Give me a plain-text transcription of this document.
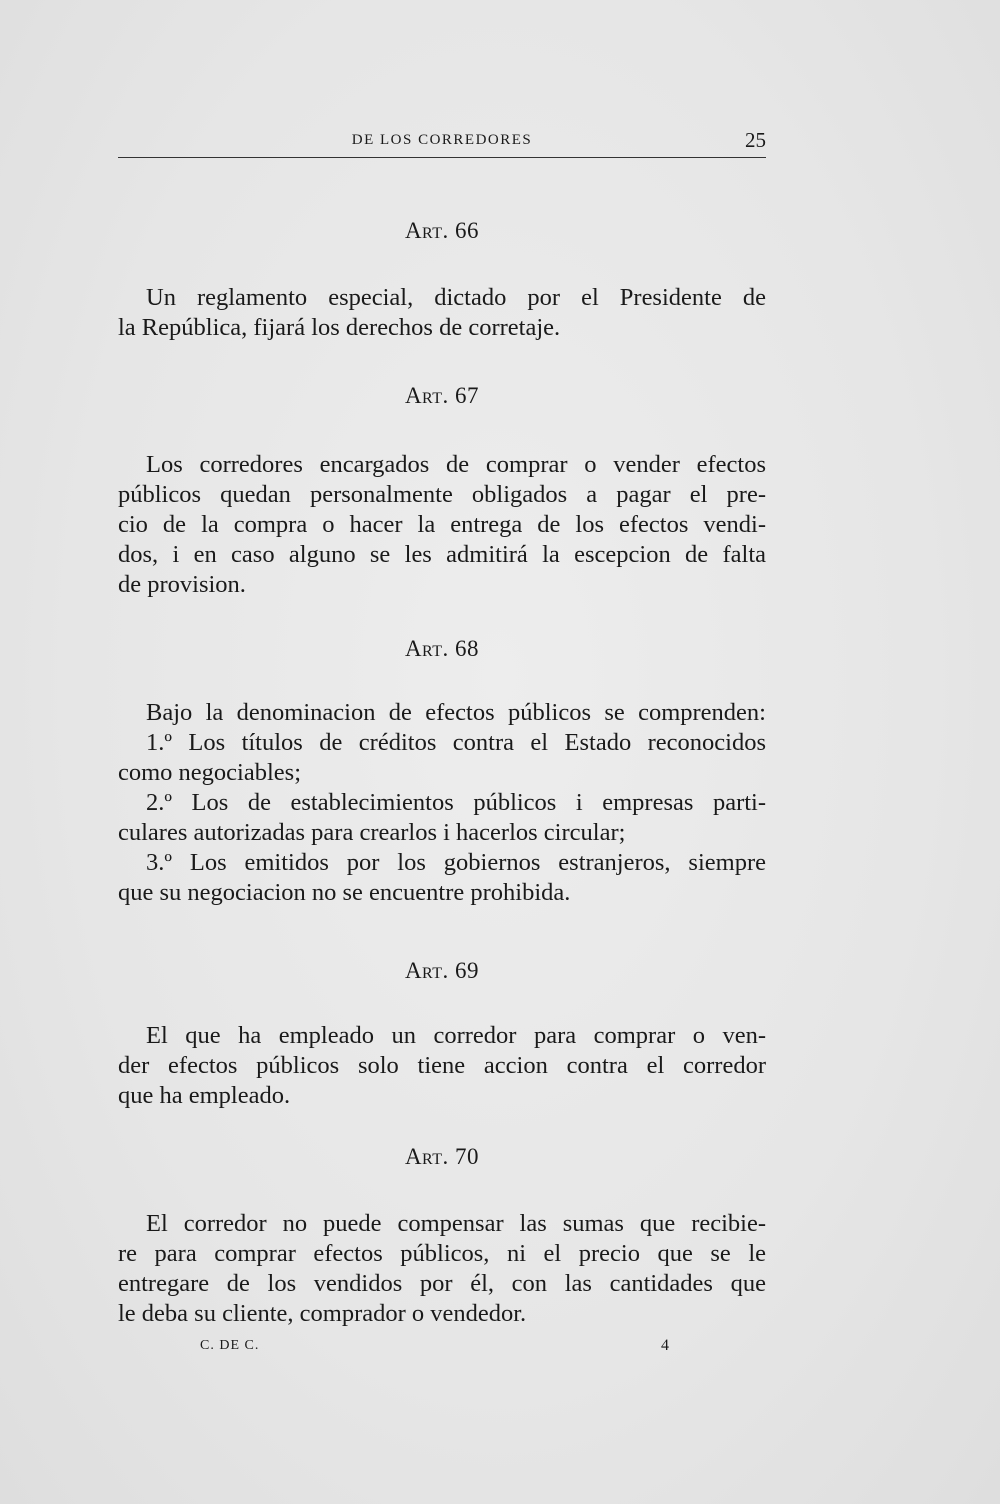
DE LOS CORREDORES	25
Art. 66
Un reglamento especial, dictado por el Presidente de
la República, fijará los derechos de corretaje.
Art. 67
Los corredores encargados de comprar o vender efectos
públicos quedan personalmente obligados a pagar el pre-
cio de la compra o hacer la entrega de los efectos vendi-
dos, i en caso alguno se les admitirá la escepcion de falta
de provision.
Art. 68
Bajo la denominacion de efectos públicos se comprenden:
1.º Los títulos de créditos contra el Estado reconocidos
como negociables;
2.º Los de establecimientos públicos i empresas parti-
culares autorizadas para crearlos i hacerlos circular;
3.º Los emitidos por los gobiernos estranjeros, siempre
que su negociacion no se encuentre prohibida.
Art. 69
El que ha empleado un corredor para comprar o ven-
der efectos públicos solo tiene accion contra el corredor
que ha empleado.
Art. 70
El corredor no puede compensar las sumas que recibie-
re para comprar efectos públicos, ni el precio que se le
entregare de los vendidos por él, con las cantidades que
le deba su cliente, comprador o vendedor.
C. DE C.	4
